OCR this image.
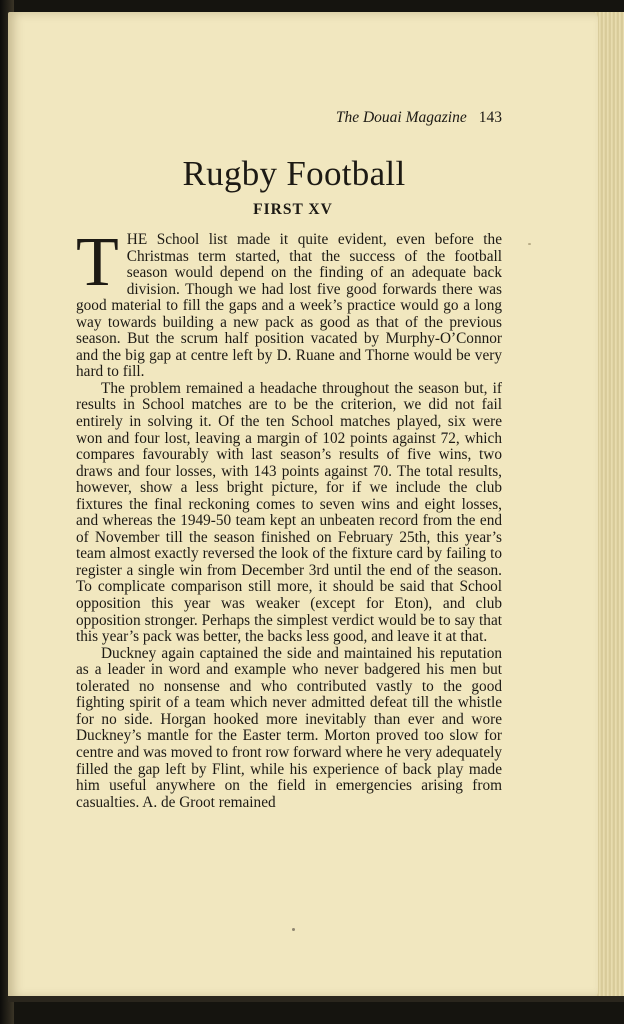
The Douai Magazine 143
Rugby Football
FIRST XV

THE School list made it quite evident, even before the Christmas term started, that the success of the football season would depend on the finding of an adequate back division. Though we had lost five good forwards there was good material to fill the gaps and a week’s practice would go a long way towards building a new pack as good as that of the previous season. But the scrum half position vacated by Murphy-O’Connor and the big gap at centre left by D. Ruane and Thorne would be very hard to fill.

The problem remained a headache throughout the season but, if results in School matches are to be the criterion, we did not fail entirely in solving it. Of the ten School matches played, six were won and four lost, leaving a margin of 102 points against 72, which compares favourably with last season’s results of five wins, two draws and four losses, with 143 points against 70. The total results, however, show a less bright picture, for if we include the club fixtures the final reckoning comes to seven wins and eight losses, and whereas the 1949-50 team kept an unbeaten record from the end of November till the season finished on February 25th, this year’s team almost exactly reversed the look of the fixture card by failing to register a single win from December 3rd until the end of the season. To complicate comparison still more, it should be said that School opposition this year was weaker (except for Eton), and club opposition stronger. Perhaps the simplest verdict would be to say that this year’s pack was better, the backs less good, and leave it at that.

Duckney again captained the side and maintained his reputation as a leader in word and example who never badgered his men but tolerated no nonsense and who contributed vastly to the good fighting spirit of a team which never admitted defeat till the whistle for no side. Horgan hooked more inevitably than ever and wore Duckney’s mantle for the Easter term. Morton proved too slow for centre and was moved to front row forward where he very adequately filled the gap left by Flint, while his experience of back play made him useful anywhere on the field in emergencies arising from casualties. A. de Groot remained
